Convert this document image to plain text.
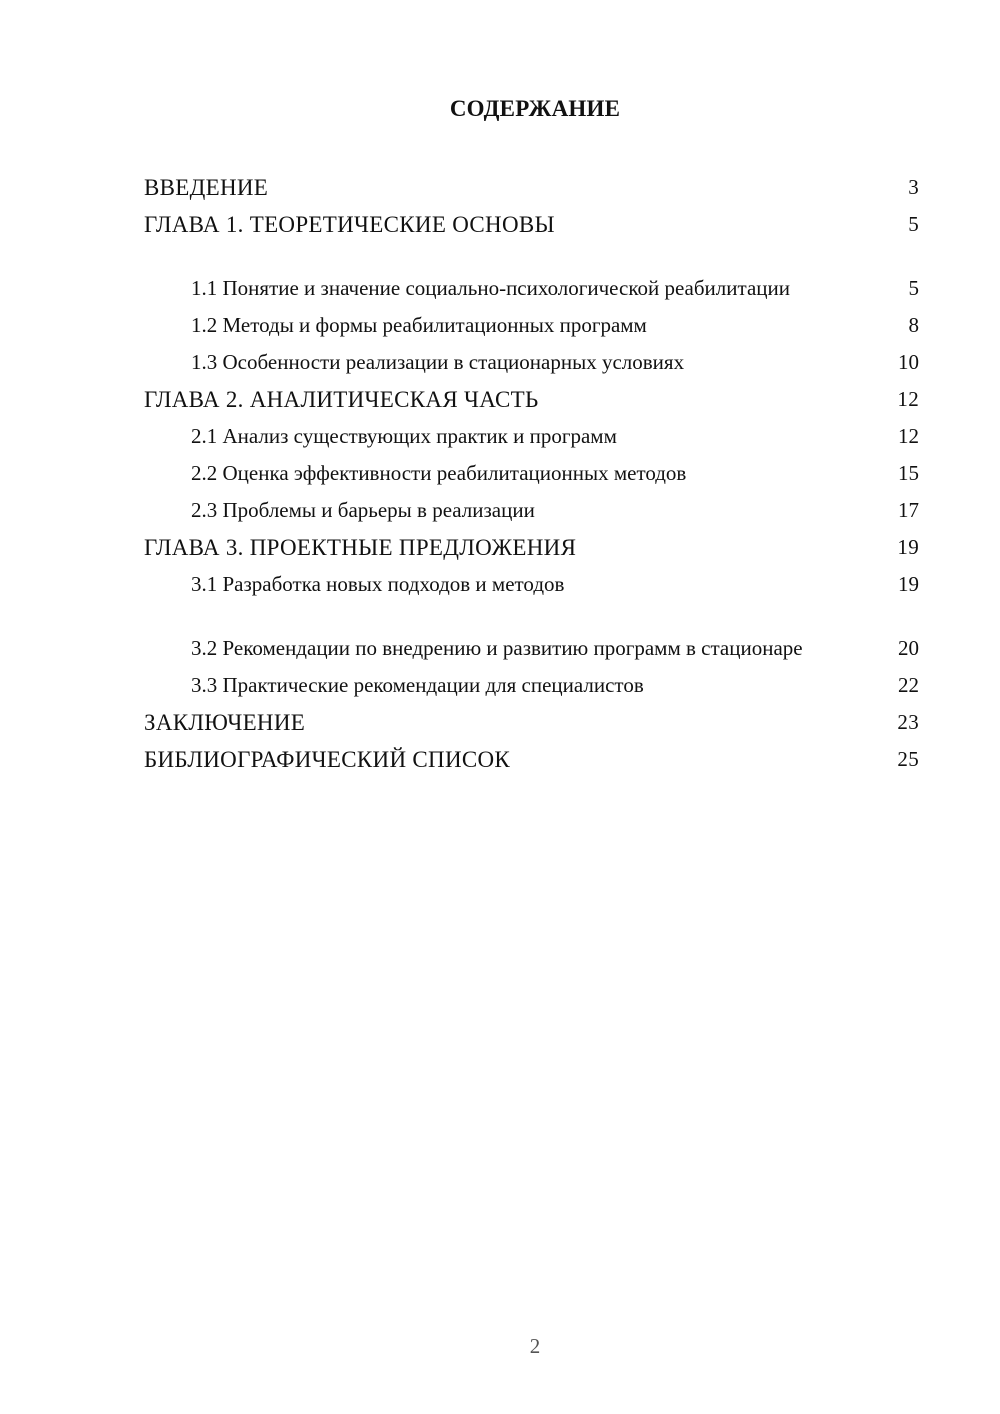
СОДЕРЖАНИЕ
ВВЕДЕНИЕ	3
ГЛАВА 1. ТЕОРЕТИЧЕСКИЕ ОСНОВЫ	5
1.1 Понятие и значение социально-психологической реабилитации	5
1.2 Методы и формы реабилитационных программ	8
1.3 Особенности реализации в стационарных условиях	10
ГЛАВА 2. АНАЛИТИЧЕСКАЯ ЧАСТЬ	12
2.1 Анализ существующих практик и программ	12
2.2 Оценка эффективности реабилитационных методов	15
2.3 Проблемы и барьеры в реализации	17
ГЛАВА 3. ПРОЕКТНЫЕ ПРЕДЛОЖЕНИЯ	19
3.1 Разработка новых подходов и методов	19
3.2 Рекомендации по внедрению и развитию программ в стационаре	20
3.3 Практические рекомендации для специалистов	22
ЗАКЛЮЧЕНИЕ	23
БИБЛИОГРАФИЧЕСКИЙ СПИСОК	25
2
